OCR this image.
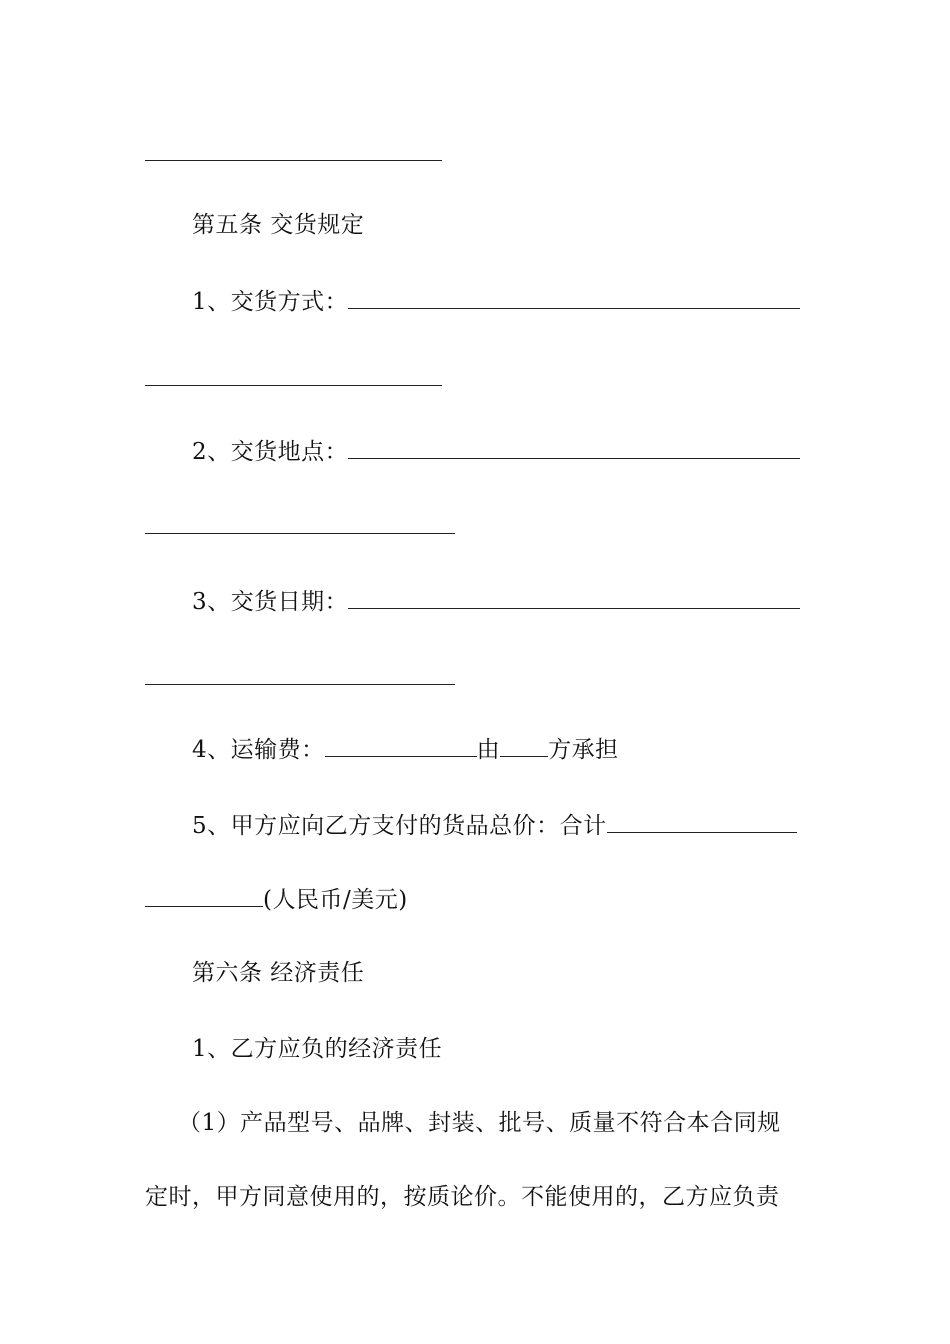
第五条 交货规定
1、交货方式：
2、交货地点：
3、交货日期：
4、运输费：	由 方承担
5、甲方应向乙方支付的货品总价：合计
(人民币/美元)
第六条 经济责任
1、乙方应负的经济责任
（1）产品型号、品牌、封装、批号、质量不符合本合同规
定时，甲方同意使用的，按质论价。不能使用的，乙方应负责
